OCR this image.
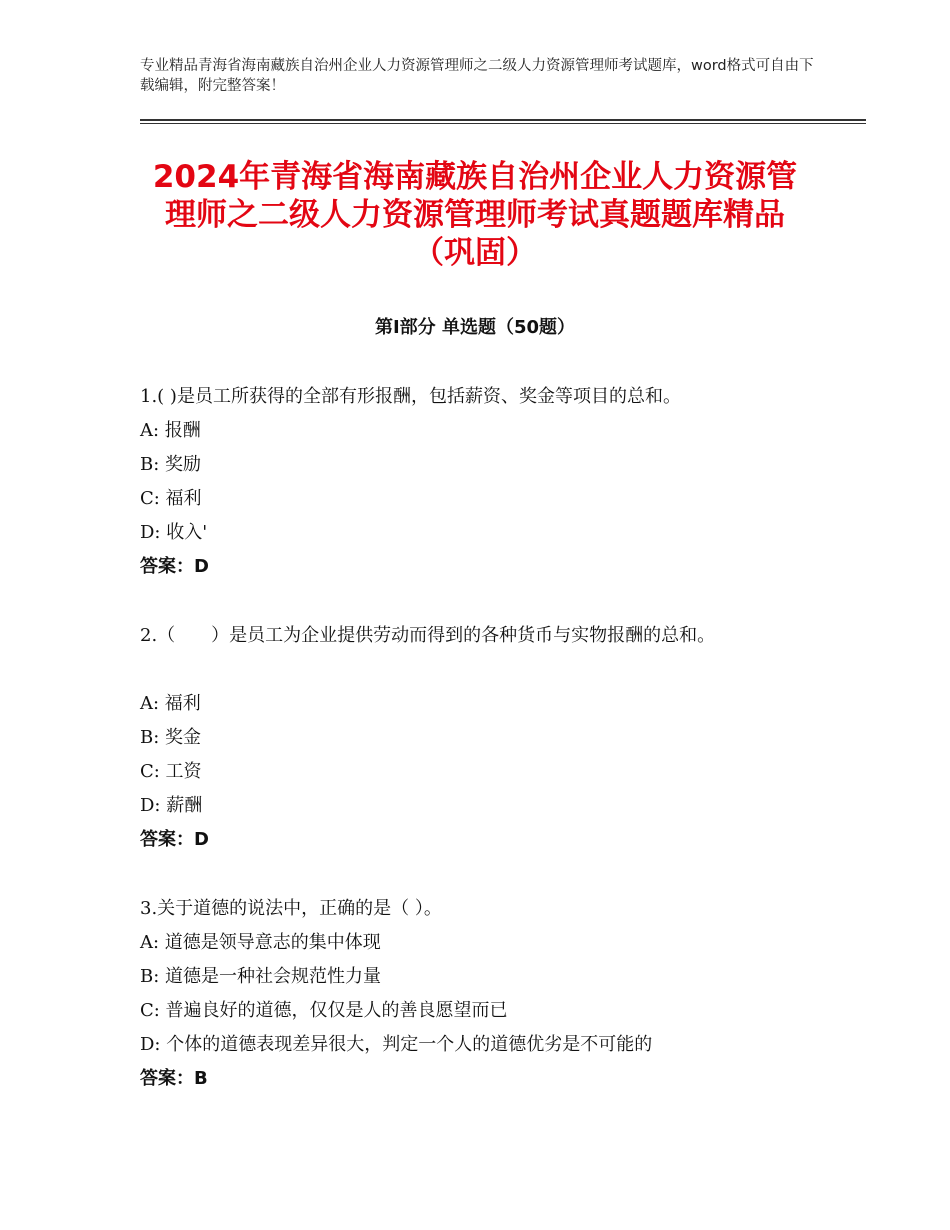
专业精品青海省海南藏族自治州企业人力资源管理师之二级人力资源管理师考试题库，word格式可自由下载编辑，附完整答案！
2024年青海省海南藏族自治州企业人力资源管理师之二级人力资源管理师考试真题题库精品（巩固）
第Ⅰ部分 单选题（50题）
1.( )是员工所获得的全部有形报酬，包括薪资、奖金等项目的总和。
A: 报酬
B: 奖励
C: 福利
D: 收入'
答案：D
2.（　　）是员工为企业提供劳动而得到的各种货币与实物报酬的总和。
A: 福利
B: 奖金
C: 工资
D: 薪酬
答案：D
3.关于道德的说法中，正确的是（ ）。
A: 道德是领导意志的集中体现
B: 道德是一种社会规范性力量
C: 普遍良好的道德，仅仅是人的善良愿望而已
D: 个体的道德表现差异很大，判定一个人的道德优劣是不可能的
答案：B
